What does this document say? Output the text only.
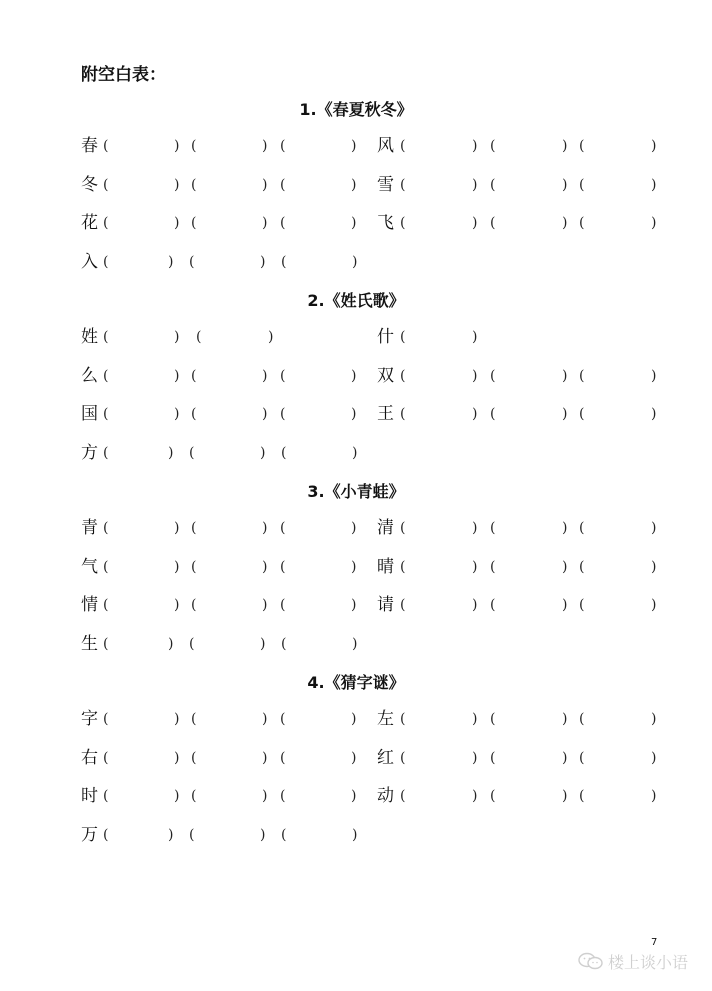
附空白表：
1.《春夏秋冬》
春 (	) (	) (	) 风 (	) (	) (	)
冬 (	) (	) (	) 雪 (	) (	) (	)
花 (	) (	) (	) 飞 (	) (	) (	)
入 (	) (	) (	)
2.《姓氏歌》
姓 (	) (	)	什 (	)
么 (	) (	) (	) 双 (	) (	) (	)
国 (	) (	) (	) 王 (	) (	) (	)
方 (	) (	) (	)
3.《小青蛙》
青 (	) (	) (	) 清 (	) (	) (	)
气 (	) (	) (	) 晴 (	) (	) (	)
情 (	) (	) (	) 请 (	) (	) (	)
生 (	) (	) (	)
4.《猜字谜》
字 (	) (	) (	) 左 (	) (	) (	)
右 (	) (	) (	) 红 (	) (	) (	)
时 (	) (	) (	) 动 (	) (	) (	)
万 (	) (	) (	)
7
楼上谈小语
